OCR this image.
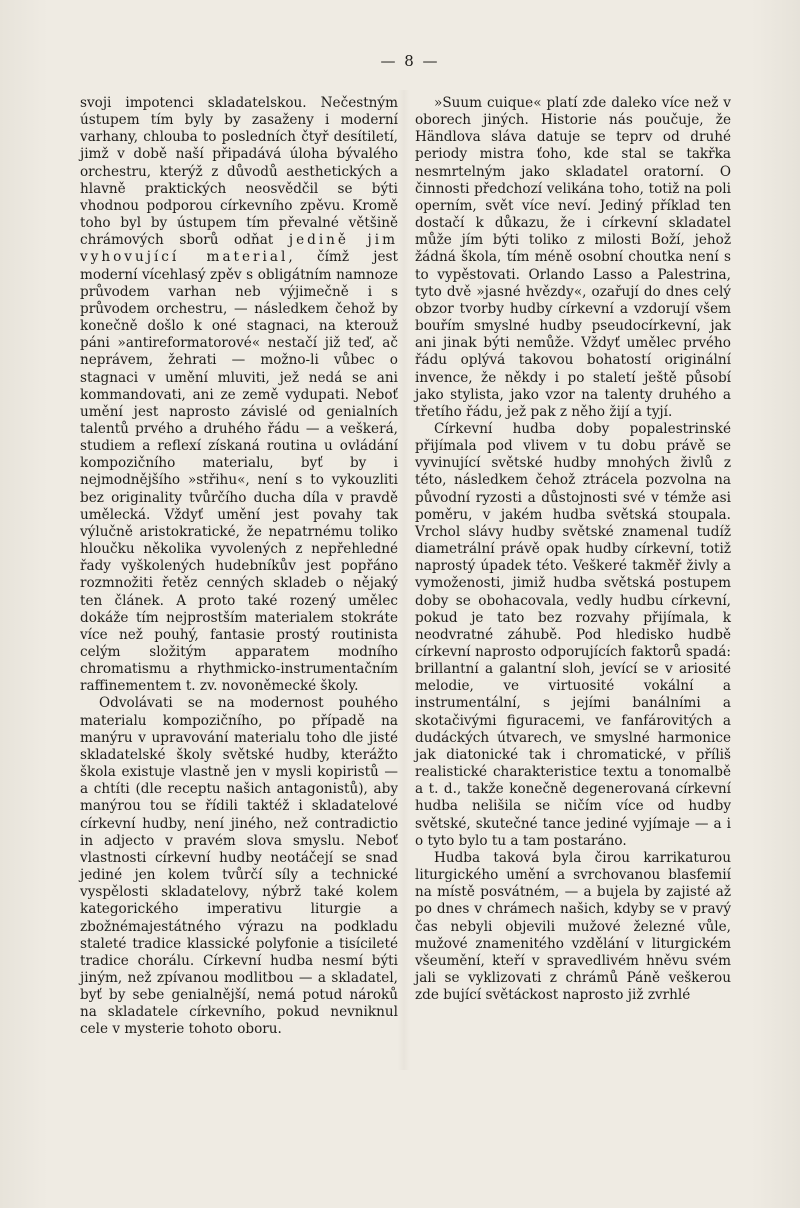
— 8 —

svoji impotenci skladatelskou. Nečestným ústupem tím byly by zasaženy i moderní varhany, chlouba to posledních čtyř desítiletí, jimž v době naší připadává úloha bývalého orchestru, kterýž z důvodů aesthetických a hlavně praktických neosvědčil se býti vhodnou podporou církevního zpěvu. Kromě toho byl by ústupem tím převalné většině chrámových sborů odňat jedině jim vyhovující material, čímž jest moderní vícehlasý zpěv s obligátním namnoze průvodem varhan neb výjimečně i s průvodem orchestru, — následkem čehož by konečně došlo k oné stagnaci, na kterouž páni »antireformatorové« nestačí již teď, ač neprávem, žehrati — možno-li vůbec o stagnaci v umění mluviti, jež nedá se ani kommandovati, ani ze země vydupati. Neboť umění jest naprosto závislé od genialních talentů prvého a druhého řádu — a veškerá, studiem a reflexí získaná routina u ovládání kompozičního materialu, byť by i nejmodnějšího »střihu«, není s to vykouzliti bez originality tvůrčího ducha díla v pravdě umělecká. Vždyť umění jest povahy tak výlučně aristokratické, že nepatrnému toliko hloučku několika vyvolených z nepřehledné řady vyškolených hudebníkův jest popřáno rozmnožiti řetěz cenných skladeb o nějaký ten článek. A proto také rozený umělec dokáže tím nejprostším materialem stokráte více než pouhý, fantasie prostý routinista celým složitým apparatem modního chromatismu a rhythmicko-instrumentačním raffinementem t. zv. novoněmecké školy.

Odvolávati se na modernost pouhého materialu kompozičního, po případě na manýru v upravování materialu toho dle jisté skladatelské školy světské hudby, kterážto škola existuje vlastně jen v mysli kopiristů — a chtíti (dle receptu našich antagonistů), aby manýrou tou se řídili taktéž i skladatelové církevní hudby, není jiného, než contradictio in adjecto v pravém slova smyslu. Neboť vlastnosti církevní hudby neotáčejí se snad jediné jen kolem tvůrčí síly a technické vyspělosti skladatelovy, nýbrž také kolem kategorického imperativu liturgie a zbožnémajestátného výrazu na podkladu staleté tradice klassické polyfonie a tisícileté tradice chorálu. Církevní hudba nesmí býti jiným, než zpívanou modlitbou — a skladatel, byť by sebe genialnější, nemá potud nároků na skladatele církevního, pokud nevniknul cele v mysterie tohoto oboru.

»Suum cuique« platí zde daleko více než v oborech jiných. Historie nás poučuje, že Händlova sláva datuje se teprv od druhé periody mistra ťoho, kde stal se takřka nesmrtelným jako skladatel oratorní. O činnosti předchozí velikána toho, totiž na poli operním, svět více neví. Jediný příklad ten dostačí k důkazu, že i církevní skladatel může jím býti toliko z milosti Boží, jehož žádná škola, tím méně osobní choutka není s to vypěstovati. Orlando Lasso a Palestrina, tyto dvě »jasné hvězdy«, ozařují do dnes celý obzor tvorby hudby církevní a vzdorují všem bouřím smyslné hudby pseudocírkevní, jak ani jinak býti nemůže. Vždyť umělec prvého řádu oplývá takovou bohatostí originální invence, že někdy i po staletí ještě působí jako stylista, jako vzor na talenty druhého a třetího řádu, jež pak z něho žijí a tyjí.

Církevní hudba doby popalestrinské přijímala pod vlivem v tu dobu právě se vyvinující světské hudby mnohých živlů z této, následkem čehož ztrácela pozvolna na původní ryzosti a důstojnosti své v témže asi poměru, v jakém hudba světská stoupala. Vrchol slávy hudby světské znamenal tudíž diametrální právě opak hudby církevní, totiž naprostý úpadek této. Veškeré takměř živly a vymoženosti, jimiž hudba světská postupem doby se obohacovala, vedly hudbu církevní, pokud je tato bez rozvahy přijímala, k neodvratné záhubě. Pod hledisko hudbě církevní naprosto odporujících faktorů spadá: brillantní a galantní sloh, jevící se v ariosité melodie, ve virtuosité vokální a instrumentální, s jejími banálními a skotačivými figuracemi, ve fanfárovitých a dudáckých útvarech, ve smyslné harmonice jak diatonické tak i chromatické, v příliš realistické charakteristice textu a tonomalbě a t. d., takže konečně degenerovaná církevní hudba nelišila se ničím více od hudby světské, skutečné tance jediné vyjímaje — a i o tyto bylo tu a tam postaráno.

Hudba taková byla čirou karrikaturou liturgického umění a svrchovanou blasfemií na místě posvátném, — a bujela by zajisté až po dnes v chrámech našich, kdyby se v pravý čas nebyli objevili mužové železné vůle, mužové znamenitého vzdělání v liturgickém všeumění, kteří v spravedlivém hněvu svém jali se vyklizovati z chrámů Páně veškerou zde bující světáckost naprosto již zvrhlé
